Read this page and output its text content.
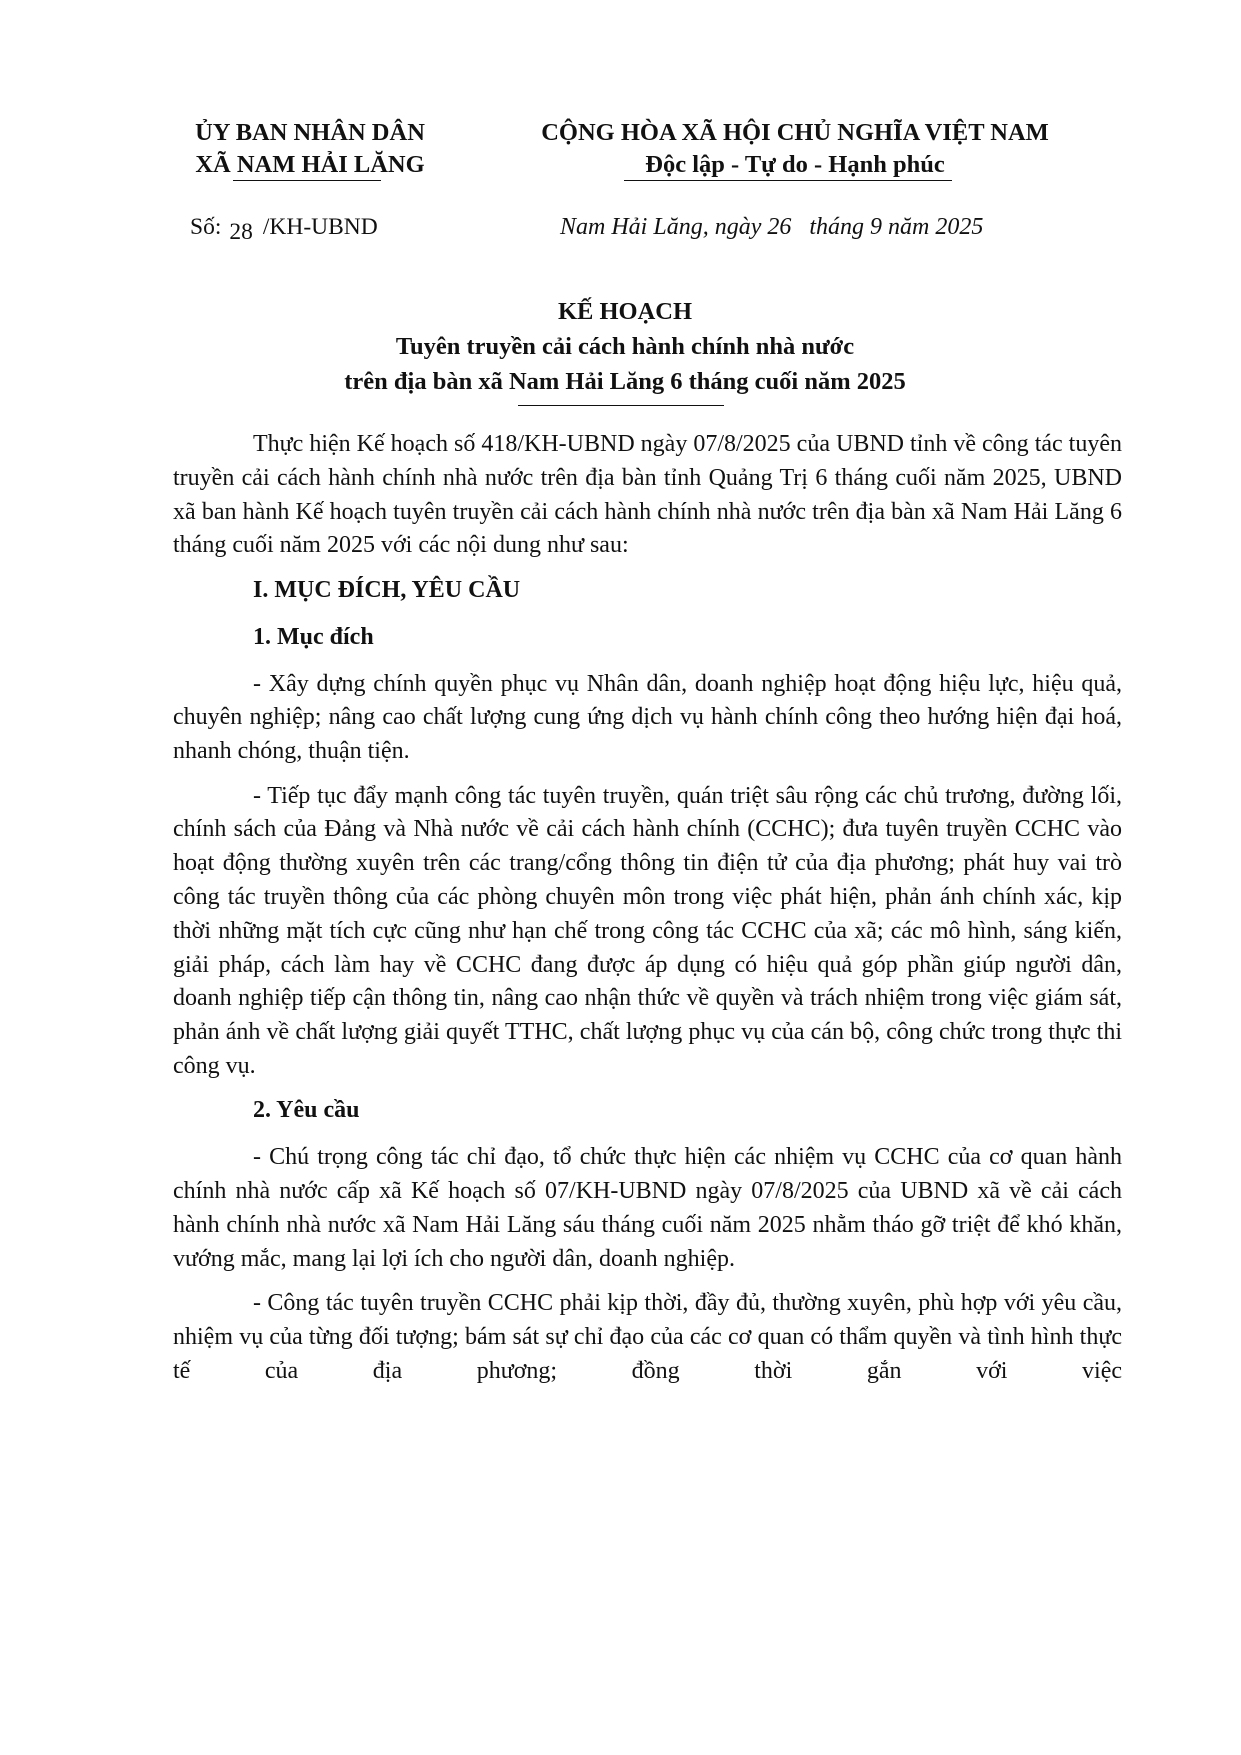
ỦY BAN NHÂN DÂN
XÃ NAM HẢI LĂNG
CỘNG HÒA XÃ HỘI CHỦ NGHĨA VIỆT NAM
Độc lập - Tự do - Hạnh phúc
Số: 28 /KH-UBND	Nam Hải Lăng, ngày 26   tháng 9 năm 2025
KẾ HOẠCH
Tuyên truyền cải cách hành chính nhà nước
trên địa bàn xã Nam Hải Lăng 6 tháng cuối năm 2025

Thực hiện Kế hoạch số 418/KH-UBND ngày 07/8/2025 của UBND tỉnh về công tác tuyên truyền cải cách hành chính nhà nước trên địa bàn tỉnh Quảng Trị 6 tháng cuối năm 2025, UBND xã ban hành Kế hoạch tuyên truyền cải cách hành chính nhà nước trên địa bàn xã Nam Hải Lăng 6 tháng cuối năm 2025 với các nội dung như sau:

I. MỤC ĐÍCH, YÊU CẦU
1. Mục đích

- Xây dựng chính quyền phục vụ Nhân dân, doanh nghiệp hoạt động hiệu lực, hiệu quả, chuyên nghiệp; nâng cao chất lượng cung ứng dịch vụ hành chính công theo hướng hiện đại hoá, nhanh chóng, thuận tiện.

- Tiếp tục đẩy mạnh công tác tuyên truyền, quán triệt sâu rộng các chủ trương, đường lối, chính sách của Đảng và Nhà nước về cải cách hành chính (CCHC); đưa tuyên truyền CCHC vào hoạt động thường xuyên trên các trang/cổng thông tin điện tử của địa phương; phát huy vai trò công tác truyền thông của các phòng chuyên môn trong việc phát hiện, phản ánh chính xác, kịp thời những mặt tích cực cũng như hạn chế trong công tác CCHC của xã; các mô hình, sáng kiến, giải pháp, cách làm hay về CCHC đang được áp dụng có hiệu quả góp phần giúp người dân, doanh nghiệp tiếp cận thông tin, nâng cao nhận thức về quyền và trách nhiệm trong việc giám sát, phản ánh về chất lượng giải quyết TTHC, chất lượng phục vụ của cán bộ, công chức trong thực thi công vụ.

2. Yêu cầu

- Chú trọng công tác chỉ đạo, tổ chức thực hiện các nhiệm vụ CCHC của cơ quan hành chính nhà nước cấp xã Kế hoạch số 07/KH-UBND ngày 07/8/2025 của UBND xã về cải cách hành chính nhà nước xã Nam Hải Lăng sáu tháng cuối năm 2025 nhằm tháo gỡ triệt để khó khăn, vướng mắc, mang lại lợi ích cho người dân, doanh nghiệp.

- Công tác tuyên truyền CCHC phải kịp thời, đầy đủ, thường xuyên, phù hợp với yêu cầu, nhiệm vụ của từng đối tượng; bám sát sự chỉ đạo của các cơ quan có thẩm quyền và tình hình thực tế của địa phương; đồng thời gắn với việc
